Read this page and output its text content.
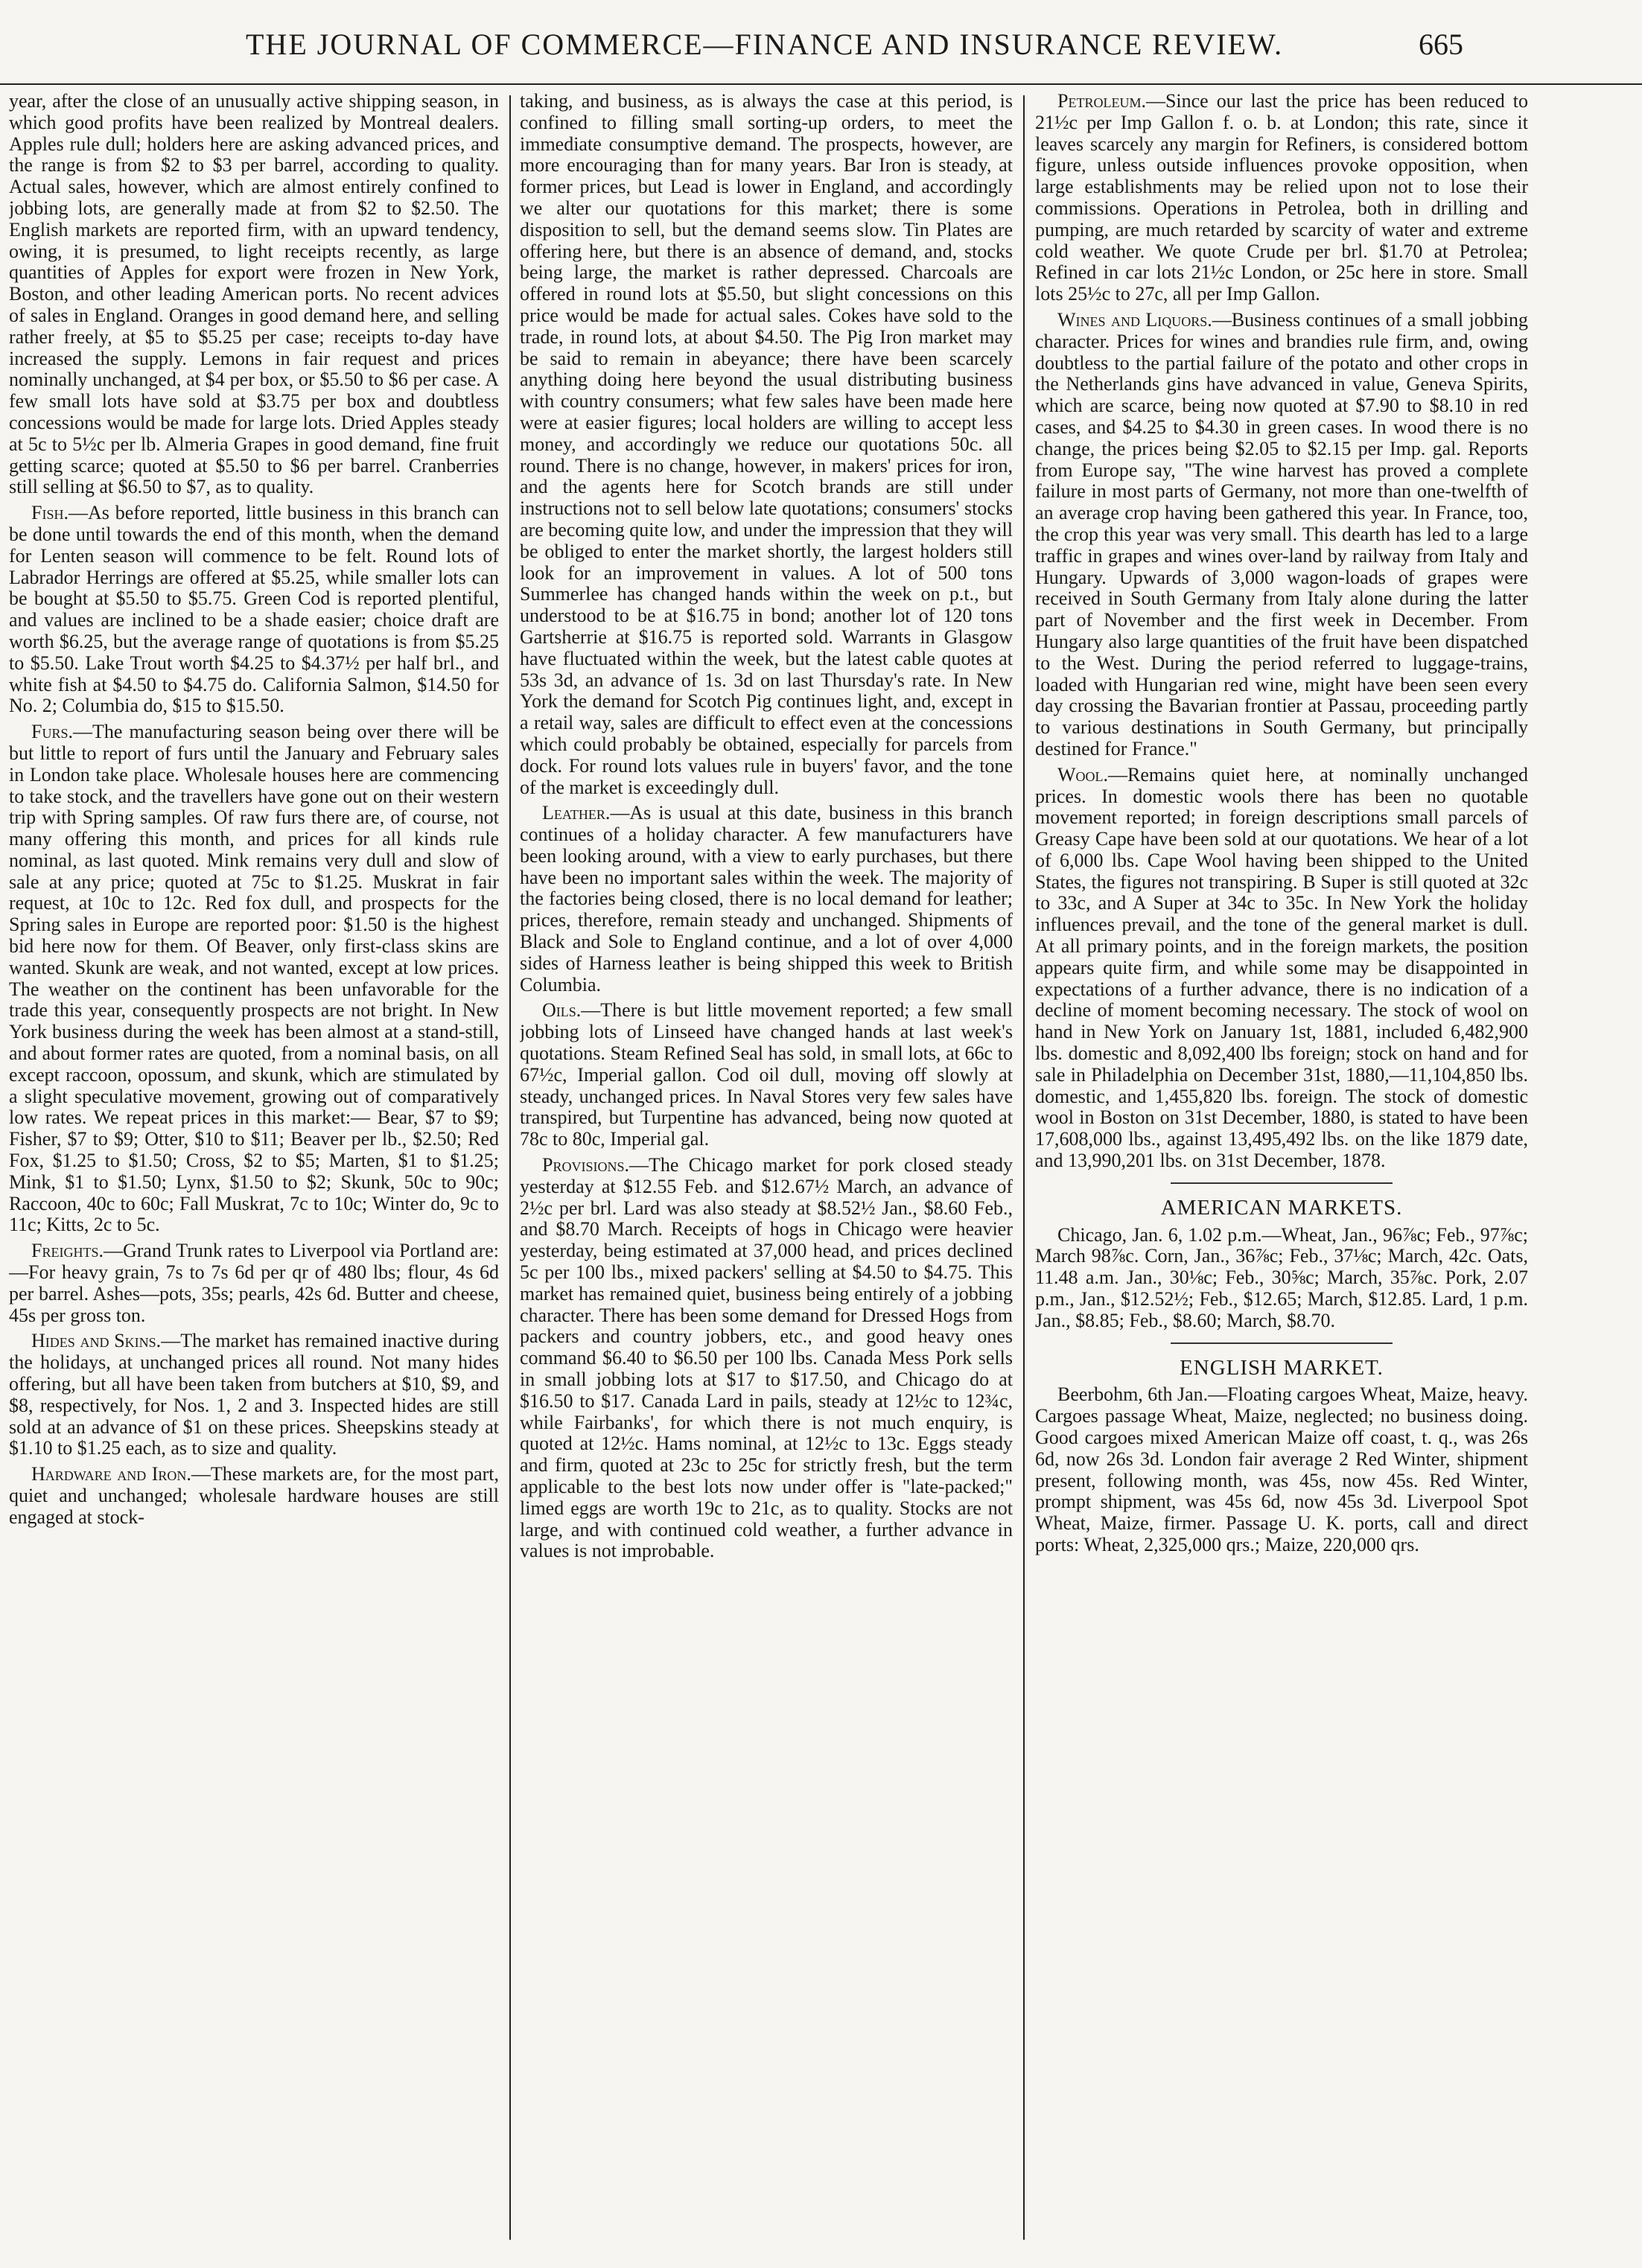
THE JOURNAL OF COMMERCE—FINANCE AND INSURANCE REVIEW.	665

year, after the close of an unusually active shipping season, in which good profits have been realized by Montreal dealers. Apples rule dull; holders here are asking advanced prices, and the range is from $2 to $3 per barrel, according to quality. Actual sales, however, which are almost entirely confined to jobbing lots, are generally made at from $2 to $2.50. The English markets are reported firm, with an upward tendency, owing, it is presumed, to light receipts recently, as large quantities of Apples for export were frozen in New York, Boston, and other leading American ports. No recent advices of sales in England. Oranges in good demand here, and selling rather freely, at $5 to $5.25 per case; receipts to-day have increased the supply. Lemons in fair request and prices nominally unchanged, at $4 per box, or $5.50 to $6 per case. A few small lots have sold at $3.75 per box and doubtless concessions would be made for large lots. Dried Apples steady at 5c to 5½c per lb. Almeria Grapes in good demand, fine fruit getting scarce; quoted at $5.50 to $6 per barrel. Cranberries still selling at $6.50 to $7, as to quality.

Fish.—As before reported, little business in this branch can be done until towards the end of this month, when the demand for Lenten season will commence to be felt. Round lots of Labrador Herrings are offered at $5.25, while smaller lots can be bought at $5.50 to $5.75. Green Cod is reported plentiful, and values are inclined to be a shade easier; choice draft are worth $6.25, but the average range of quotations is from $5.25 to $5.50. Lake Trout worth $4.25 to $4.37½ per half brl., and white fish at $4.50 to $4.75 do. California Salmon, $14.50 for No. 2; Columbia do, $15 to $15.50.

Furs.—The manufacturing season being over there will be but little to report of furs until the January and February sales in London take place. Wholesale houses here are commencing to take stock, and the travellers have gone out on their western trip with Spring samples. Of raw furs there are, of course, not many offering this month, and prices for all kinds rule nominal, as last quoted. Mink remains very dull and slow of sale at any price; quoted at 75c to $1.25. Muskrat in fair request, at 10c to 12c. Red fox dull, and prospects for the Spring sales in Europe are reported poor: $1.50 is the highest bid here now for them. Of Beaver, only first-class skins are wanted. Skunk are weak, and not wanted, except at low prices. The weather on the continent has been unfavorable for the trade this year, consequently prospects are not bright. In New York business during the week has been almost at a stand-still, and about former rates are quoted, from a nominal basis, on all except raccoon, opossum, and skunk, which are stimulated by a slight speculative movement, growing out of comparatively low rates. We repeat prices in this market:— Bear, $7 to $9; Fisher, $7 to $9; Otter, $10 to $11; Beaver per lb., $2.50; Red Fox, $1.25 to $1.50; Cross, $2 to $5; Marten, $1 to $1.25; Mink, $1 to $1.50; Lynx, $1.50 to $2; Skunk, 50c to 90c; Raccoon, 40c to 60c; Fall Muskrat, 7c to 10c; Winter do, 9c to 11c; Kitts, 2c to 5c.

Freights.—Grand Trunk rates to Liverpool via Portland are:—For heavy grain, 7s to 7s 6d per qr of 480 lbs; flour, 4s 6d per barrel. Ashes—pots, 35s; pearls, 42s 6d. Butter and cheese, 45s per gross ton.

Hides and Skins.—The market has remained inactive during the holidays, at unchanged prices all round. Not many hides offering, but all have been taken from butchers at $10, $9, and $8, respectively, for Nos. 1, 2 and 3. Inspected hides are still sold at an advance of $1 on these prices. Sheepskins steady at $1.10 to $1.25 each, as to size and quality.

Hardware and Iron.—These markets are, for the most part, quiet and unchanged; wholesale hardware houses are still engaged at stock-

taking, and business, as is always the case at this period, is confined to filling small sorting-up orders, to meet the immediate consumptive demand. The prospects, however, are more encouraging than for many years. Bar Iron is steady, at former prices, but Lead is lower in England, and accordingly we alter our quotations for this market; there is some disposition to sell, but the demand seems slow. Tin Plates are offering here, but there is an absence of demand, and, stocks being large, the market is rather depressed. Charcoals are offered in round lots at $5.50, but slight concessions on this price would be made for actual sales. Cokes have sold to the trade, in round lots, at about $4.50. The Pig Iron market may be said to remain in abeyance; there have been scarcely anything doing here beyond the usual distributing business with country consumers; what few sales have been made here were at easier figures; local holders are willing to accept less money, and accordingly we reduce our quotations 50c. all round. There is no change, however, in makers' prices for iron, and the agents here for Scotch brands are still under instructions not to sell below late quotations; consumers' stocks are becoming quite low, and under the impression that they will be obliged to enter the market shortly, the largest holders still look for an improvement in values. A lot of 500 tons Summerlee has changed hands within the week on p.t., but understood to be at $16.75 in bond; another lot of 120 tons Gartsherrie at $16.75 is reported sold. Warrants in Glasgow have fluctuated within the week, but the latest cable quotes at 53s 3d, an advance of 1s. 3d on last Thursday's rate. In New York the demand for Scotch Pig continues light, and, except in a retail way, sales are difficult to effect even at the concessions which could probably be obtained, especially for parcels from dock. For round lots values rule in buyers' favor, and the tone of the market is exceedingly dull.

Leather.—As is usual at this date, business in this branch continues of a holiday character. A few manufacturers have been looking around, with a view to early purchases, but there have been no important sales within the week. The majority of the factories being closed, there is no local demand for leather; prices, therefore, remain steady and unchanged. Shipments of Black and Sole to England continue, and a lot of over 4,000 sides of Harness leather is being shipped this week to British Columbia.

Oils.—There is but little movement reported; a few small jobbing lots of Linseed have changed hands at last week's quotations. Steam Refined Seal has sold, in small lots, at 66c to 67½c, Imperial gallon. Cod oil dull, moving off slowly at steady, unchanged prices. In Naval Stores very few sales have transpired, but Turpentine has advanced, being now quoted at 78c to 80c, Imperial gal.

Provisions.—The Chicago market for pork closed steady yesterday at $12.55 Feb. and $12.67½ March, an advance of 2½c per brl. Lard was also steady at $8.52½ Jan., $8.60 Feb., and $8.70 March. Receipts of hogs in Chicago were heavier yesterday, being estimated at 37,000 head, and prices declined 5c per 100 lbs., mixed packers' selling at $4.50 to $4.75. This market has remained quiet, business being entirely of a jobbing character. There has been some demand for Dressed Hogs from packers and country jobbers, etc., and good heavy ones command $6.40 to $6.50 per 100 lbs. Canada Mess Pork sells in small jobbing lots at $17 to $17.50, and Chicago do at $16.50 to $17. Canada Lard in pails, steady at 12½c to 12¾c, while Fairbanks', for which there is not much enquiry, is quoted at 12½c. Hams nominal, at 12½c to 13c. Eggs steady and firm, quoted at 23c to 25c for strictly fresh, but the term applicable to the best lots now under offer is "late-packed;" limed eggs are worth 19c to 21c, as to quality. Stocks are not large, and with continued cold weather, a further advance in values is not improbable.

Petroleum.—Since our last the price has been reduced to 21½c per Imp Gallon f. o. b. at London; this rate, since it leaves scarcely any margin for Refiners, is considered bottom figure, unless outside influences provoke opposition, when large establishments may be relied upon not to lose their commissions. Operations in Petrolea, both in drilling and pumping, are much retarded by scarcity of water and extreme cold weather. We quote Crude per brl. $1.70 at Petrolea; Refined in car lots 21½c London, or 25c here in store. Small lots 25½c to 27c, all per Imp Gallon.

Wines and Liquors.—Business continues of a small jobbing character. Prices for wines and brandies rule firm, and, owing doubtless to the partial failure of the potato and other crops in the Netherlands gins have advanced in value, Geneva Spirits, which are scarce, being now quoted at $7.90 to $8.10 in red cases, and $4.25 to $4.30 in green cases. In wood there is no change, the prices being $2.05 to $2.15 per Imp. gal. Reports from Europe say, "The wine harvest has proved a complete failure in most parts of Germany, not more than one-twelfth of an average crop having been gathered this year. In France, too, the crop this year was very small. This dearth has led to a large traffic in grapes and wines over-land by railway from Italy and Hungary. Upwards of 3,000 wagon-loads of grapes were received in South Germany from Italy alone during the latter part of November and the first week in December. From Hungary also large quantities of the fruit have been dispatched to the West. During the period referred to luggage-trains, loaded with Hungarian red wine, might have been seen every day crossing the Bavarian frontier at Passau, proceeding partly to various destinations in South Germany, but principally destined for France."

Wool.—Remains quiet here, at nominally unchanged prices. In domestic wools there has been no quotable movement reported; in foreign descriptions small parcels of Greasy Cape have been sold at our quotations. We hear of a lot of 6,000 lbs. Cape Wool having been shipped to the United States, the figures not transpiring. B Super is still quoted at 32c to 33c, and A Super at 34c to 35c. In New York the holiday influences prevail, and the tone of the general market is dull. At all primary points, and in the foreign markets, the position appears quite firm, and while some may be disappointed in expectations of a further advance, there is no indication of a decline of moment becoming necessary. The stock of wool on hand in New York on January 1st, 1881, included 6,482,900 lbs. domestic and 8,092,400 lbs foreign; stock on hand and for sale in Philadelphia on December 31st, 1880,—11,104,850 lbs. domestic, and 1,455,820 lbs. foreign. The stock of domestic wool in Boston on 31st December, 1880, is stated to have been 17,608,000 lbs., against 13,495,492 lbs. on the like 1879 date, and 13,990,201 lbs. on 31st December, 1878.

AMERICAN MARKETS.

Chicago, Jan. 6, 1.02 p.m.—Wheat, Jan., 96⅞c; Feb., 97⅞c; March 98⅞c. Corn, Jan., 36⅞c; Feb., 37⅛c; March, 42c. Oats, 11.48 a.m. Jan., 30⅛c; Feb., 30⅝c; March, 35⅞c. Pork, 2.07 p.m., Jan., $12.52½; Feb., $12.65; March, $12.85. Lard, 1 p.m. Jan., $8.85; Feb., $8.60; March, $8.70.

ENGLISH MARKET.

Beerbohm, 6th Jan.—Floating cargoes Wheat, Maize, heavy. Cargoes passage Wheat, Maize, neglected; no business doing. Good cargoes mixed American Maize off coast, t. q., was 26s 6d, now 26s 3d. London fair average 2 Red Winter, shipment present, following month, was 45s, now 45s. Red Winter, prompt shipment, was 45s 6d, now 45s 3d. Liverpool Spot Wheat, Maize, firmer. Passage U. K. ports, call and direct ports: Wheat, 2,325,000 qrs.; Maize, 220,000 qrs.
